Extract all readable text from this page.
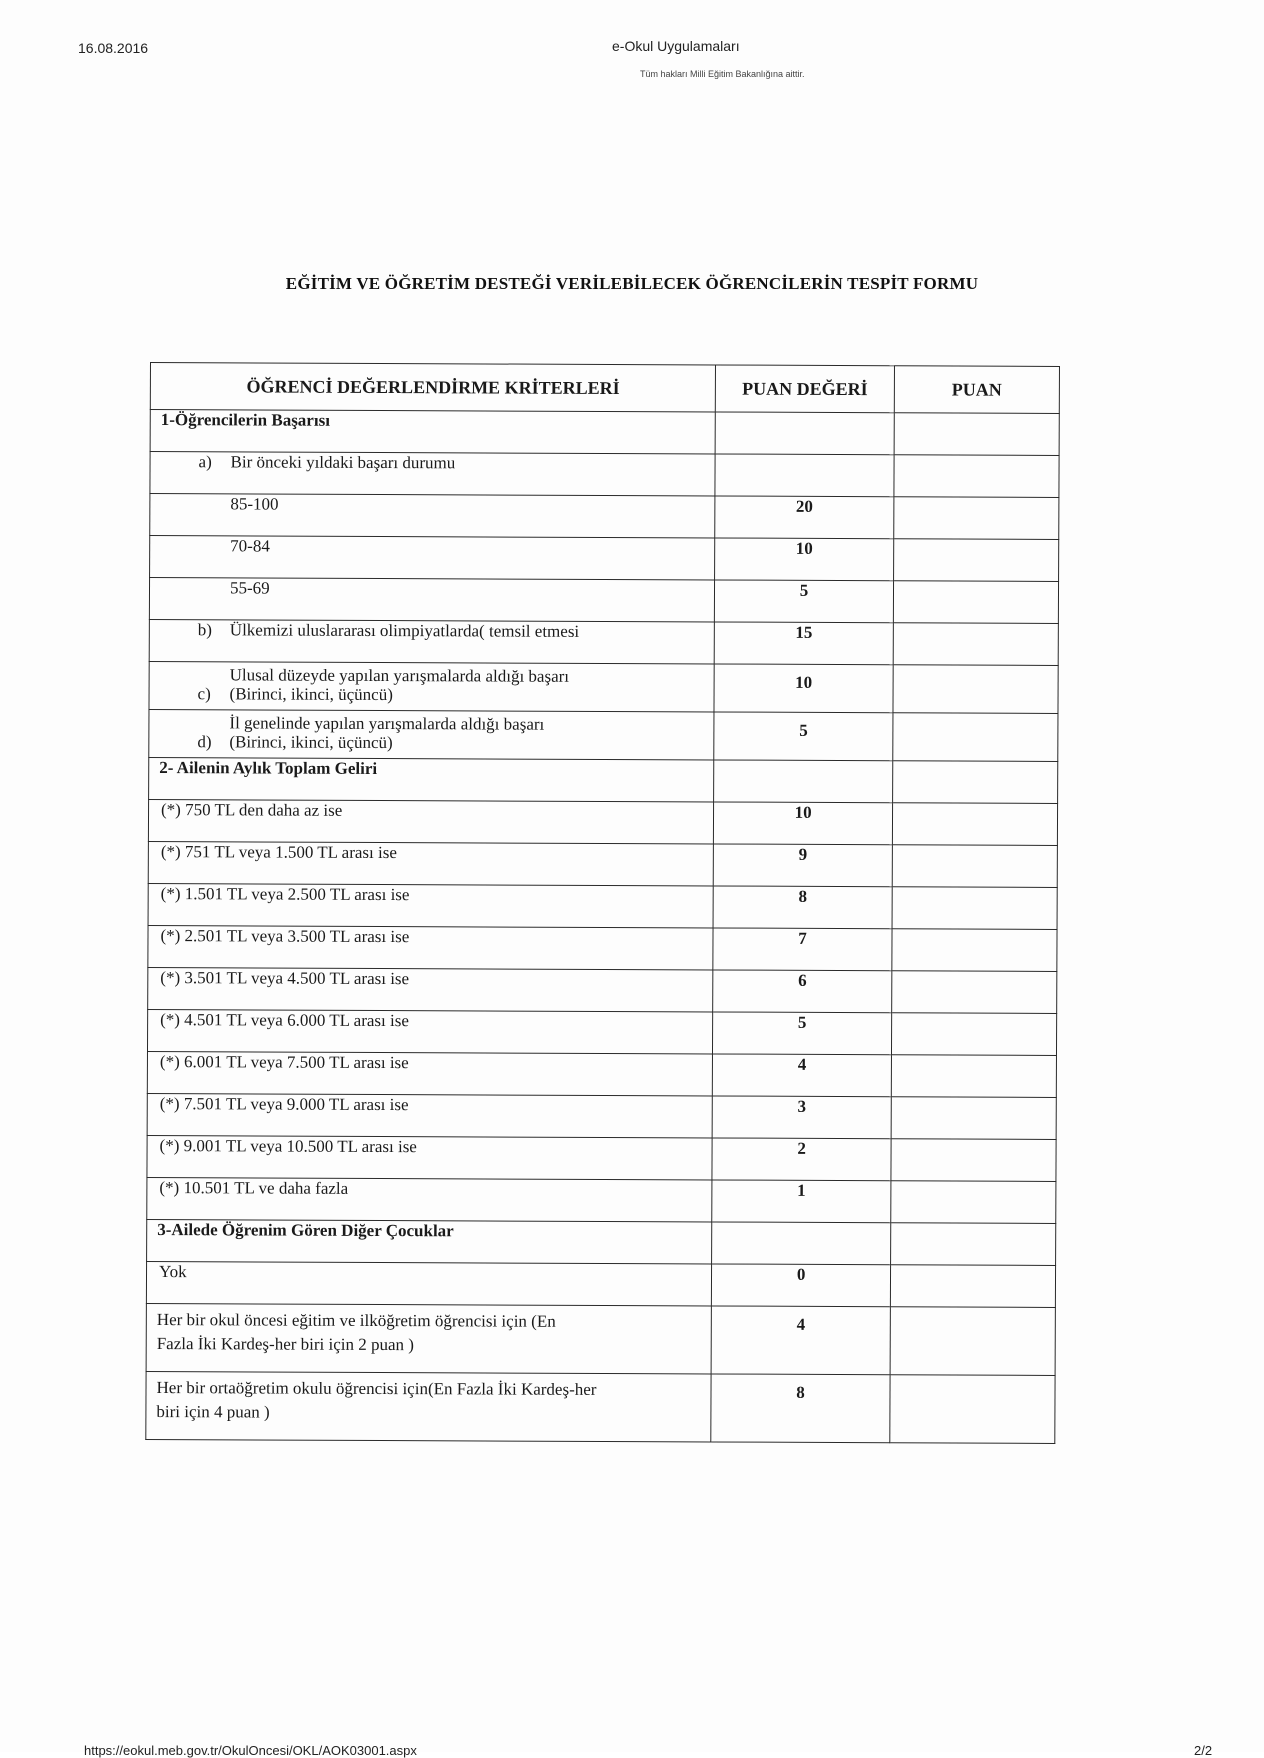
16.08.2016	e-Okul Uygulamaları
Tüm hakları Milli Eğitim Bakanlığına aittir.
EĞİTİM VE ÖĞRETİM DESTEĞİ VERİLEBİLECEK ÖĞRENCİLERİN TESPİT FORMU
ÖĞRENCİ DEĞERLENDİRME KRİTERLERİ	PUAN DEĞERİ	PUAN
1-Öğrencilerin Başarısı		
a) Bir önceki yıldaki başarı durumu		
85-100	20	
70-84	10	
55-69	5	
b) Ülkemizi uluslararası olimpiyatlarda( temsil etmesi	15	
c)Ulusal düzeyde yapılan yarışmalarda aldığı başarı
(Birinci, ikinci, üçüncü)	10	
d)İl genelinde yapılan yarışmalarda aldığı başarı
(Birinci, ikinci, üçüncü)	5	
2- Ailenin Aylık Toplam Geliri		
(*) 750 TL den daha az ise	10	
(*) 751 TL veya 1.500 TL arası ise	9	
(*) 1.501 TL veya 2.500 TL arası ise	8	
(*) 2.501 TL veya 3.500 TL arası ise	7	
(*) 3.501 TL veya 4.500 TL arası ise	6	
(*) 4.501 TL veya 6.000 TL arası ise	5	
(*) 6.001 TL veya 7.500 TL arası ise	4	
(*) 7.501 TL veya 9.000 TL arası ise	3	
(*) 9.001 TL veya 10.500 TL arası ise	2	
(*) 10.501 TL ve daha fazla	1	
3-Ailede Öğrenim Gören Diğer Çocuklar		
Yok	0	
Her bir okul öncesi eğitim ve ilköğretim öğrencisi için (En
Fazla İki Kardeş-her biri için 2 puan )	4	
Her bir ortaöğretim okulu öğrencisi için(En Fazla İki Kardeş-her
biri için 4 puan )	8	
https://eokul.meb.gov.tr/OkulOncesi/OKL/AOK03001.aspx	2/2
